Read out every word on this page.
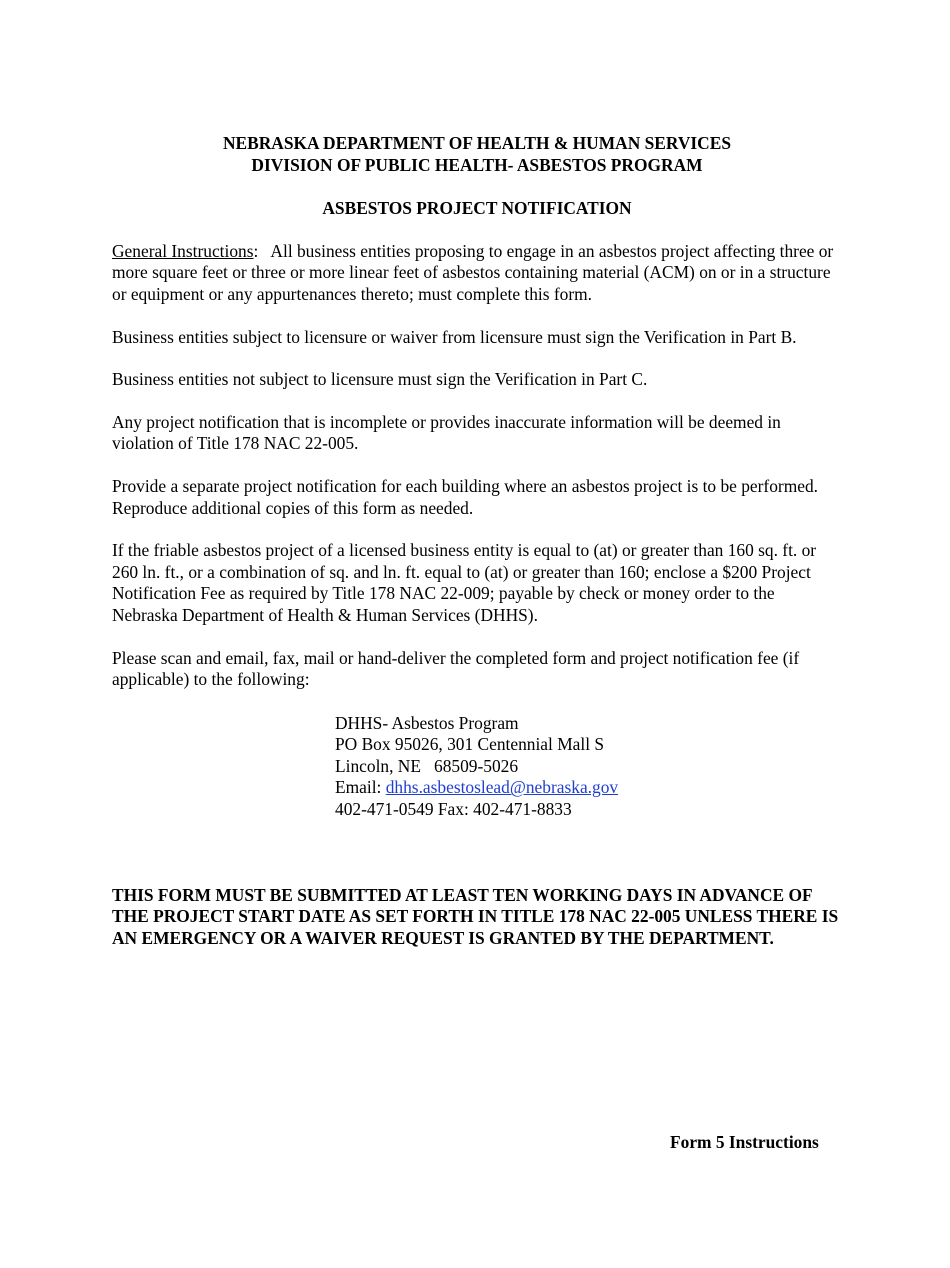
NEBRASKA DEPARTMENT OF HEALTH & HUMAN SERVICES
DIVISION OF PUBLIC HEALTH- ASBESTOS PROGRAM
ASBESTOS PROJECT NOTIFICATION

General Instructions:   All business entities proposing to engage in an asbestos project affecting three or more square feet or three or more linear feet of asbestos containing material (ACM) on or in a structure or equipment or any appurtenances thereto; must complete this form.

Business entities subject to licensure or waiver from licensure must sign the Verification in Part B.

Business entities not subject to licensure must sign the Verification in Part C.

Any project notification that is incomplete or provides inaccurate information will be deemed in violation of Title 178 NAC 22-005.

Provide a separate project notification for each building where an asbestos project is to be performed. Reproduce additional copies of this form as needed.

If the friable asbestos project of a licensed business entity is equal to (at) or greater than 160 sq. ft. or 260 ln. ft., or a combination of sq. and ln. ft. equal to (at) or greater than 160; enclose a $200 Project Notification Fee as required by Title 178 NAC 22-009; payable by check or money order to the Nebraska Department of Health & Human Services (DHHS).

Please scan and email, fax, mail or hand-deliver the completed form and project notification fee (if applicable) to the following:

DHHS- Asbestos Program
PO Box 95026, 301 Centennial Mall S
Lincoln, NE   68509-5026
Email: dhhs.asbestoslead@nebraska.gov
402-471-0549 Fax: 402-471-8833

THIS FORM MUST BE SUBMITTED AT LEAST TEN WORKING DAYS IN ADVANCE OF THE PROJECT START DATE AS SET FORTH IN TITLE 178 NAC 22-005 UNLESS THERE IS AN EMERGENCY OR A WAIVER REQUEST IS GRANTED BY THE DEPARTMENT.

Form 5 Instructions
